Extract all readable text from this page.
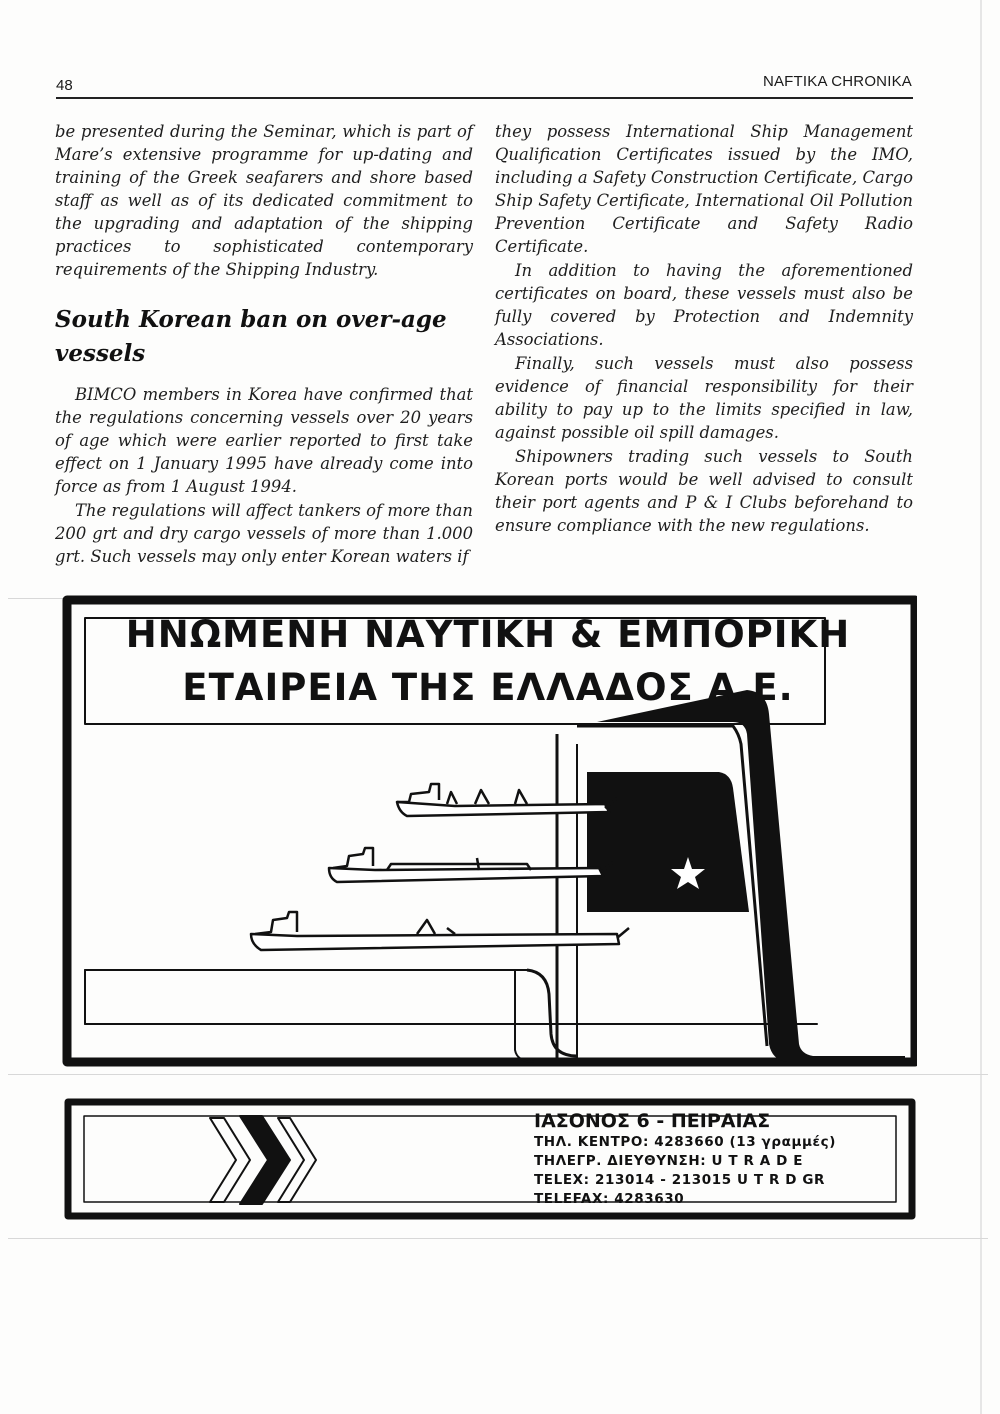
48	NAFTIKA CHRONIKA

be presented during the Seminar, which is part of Mare’s extensive programme for up-dating and training of the Greek seafarers and shore based staff as well as of its dedicated commitment to the upgrading and adaptation of the shipping practices to sophisticated contemporary requirements of the Shipping Industry.

South Korean ban on over-age vessels

BIMCO members in Korea have confirmed that the regulations concerning vessels over 20 years of age which were earlier reported to first take effect on 1 January 1995 have already come into force as from 1 August 1994.

The regulations will affect tankers of more than 200 grt and dry cargo vessels of more than 1.000 grt. Such vessels may only enter Korean waters if

they possess International Ship Management Qualification Certificates issued by the IMO, including a Safety Construction Certificate, Cargo Ship Safety Certificate, International Oil Pollution Prevention Certificate and Safety Radio Certificate.

In addition to having the aforementioned certificates on board, these vessels must also be fully covered by Protection and Indemnity Associations.

Finally, such vessels must also possess evidence of financial responsibility for their ability to pay up to the limits specified in law, against possible oil spill damages.

Shipowners trading such vessels to South Korean ports would be well advised to consult their port agents and P & I Clubs beforehand to ensure compliance with the new regulations.

ΗΝΩΜΕΝΗ ΝΑΥΤΙΚΗ & ΕΜΠΟΡΙΚΗ
ΕΤΑΙΡΕΙΑ ΤΗΣ ΕΛΛΑΔΟΣ Α.Ε.
ΙΑΣΟΝΟΣ 6 - ΠΕΙΡΑΙΑΣ
ΤΗΛ. ΚΕΝΤΡΟ: 4283660 (13 γραμμές)
ΤΗΛΕΓΡ. ΔΙΕΥΘΥΝΣΗ: U T R A D E
TELEX: 213014 - 213015 U T R D GR
TELEFAX: 4283630
